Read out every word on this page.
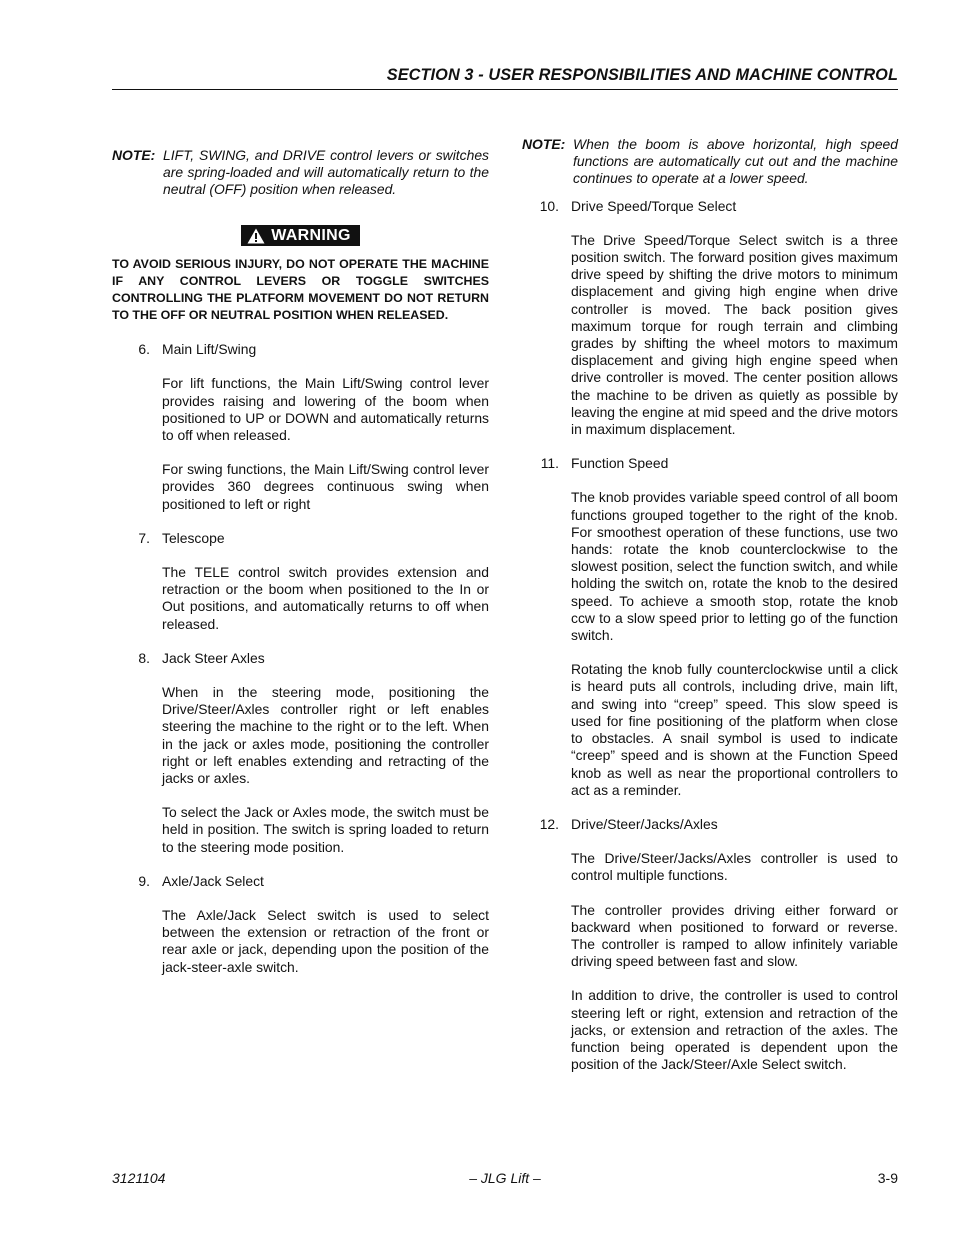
SECTION 3 - USER RESPONSIBILITIES AND MACHINE CONTROL
NOTE: LIFT, SWING, and DRIVE control levers or switches are spring-loaded and will automatically return to the neutral (OFF) position when released.
WARNING
TO AVOID SERIOUS INJURY, DO NOT OPERATE THE MACHINE IF ANY CONTROL LEVERS OR TOGGLE SWITCHES CONTROLLING THE PLATFORM MOVEMENT DO NOT RETURN TO THE OFF OR NEUTRAL POSITION WHEN RELEASED.
6. Main Lift/Swing
For lift functions, the Main Lift/Swing control lever provides raising and lowering of the boom when positioned to UP or DOWN and automatically returns to off when released.
For swing functions, the Main Lift/Swing control lever provides 360 degrees continuous swing when positioned to left or right
7. Telescope
The TELE control switch provides extension and retraction or the boom when positioned to the In or Out positions, and automatically returns to off when released.
8. Jack Steer Axles
When in the steering mode, positioning the Drive/Steer/Axles controller right or left enables steering the machine to the right or to the left. When in the jack or axles mode, positioning the controller right or left enables extending and retracting of the jacks or axles.
To select the Jack or Axles mode, the switch must be held in position. The switch is spring loaded to return to the steering mode position.
9. Axle/Jack Select
The Axle/Jack Select switch is used to select between the extension or retraction of the front or rear axle or jack, depending upon the position of the jack-steer-axle switch.
NOTE: When the boom is above horizontal, high speed functions are automatically cut out and the machine continues to operate at a lower speed.
10. Drive Speed/Torque Select
The Drive Speed/Torque Select switch is a three position switch. The forward position gives maximum drive speed by shifting the drive motors to minimum displacement and giving high engine when drive controller is moved. The back position gives maximum torque for rough terrain and climbing grades by shifting the wheel motors to maximum displacement and giving high engine speed when drive controller is moved. The center position allows the machine to be driven as quietly as possible by leaving the engine at mid speed and the drive motors in maximum displacement.
11. Function Speed
The knob provides variable speed control of all boom functions grouped together to the right of the knob. For smoothest operation of these functions, use two hands: rotate the knob counterclockwise to the slowest position, select the function switch, and while holding the switch on, rotate the knob to the desired speed. To achieve a smooth stop, rotate the knob ccw to a slow speed prior to letting go of the function switch.
Rotating the knob fully counterclockwise until a click is heard puts all controls, including drive, main lift, and swing into “creep” speed. This slow speed is used for fine positioning of the platform when close to obstacles. A snail symbol is used to indicate “creep” speed and is shown at the Function Speed knob as well as near the proportional controllers to act as a reminder.
12. Drive/Steer/Jacks/Axles
The Drive/Steer/Jacks/Axles controller is used to control multiple functions.
The controller provides driving either forward or backward when positioned to forward or reverse. The controller is ramped to allow infinitely variable driving speed between fast and slow.
In addition to drive, the controller is used to control steering left or right, extension and retraction of the jacks, or extension and retraction of the axles. The function being operated is dependent upon the position of the Jack/Steer/Axle Select switch.
3121104	– JLG Lift –	3-9
